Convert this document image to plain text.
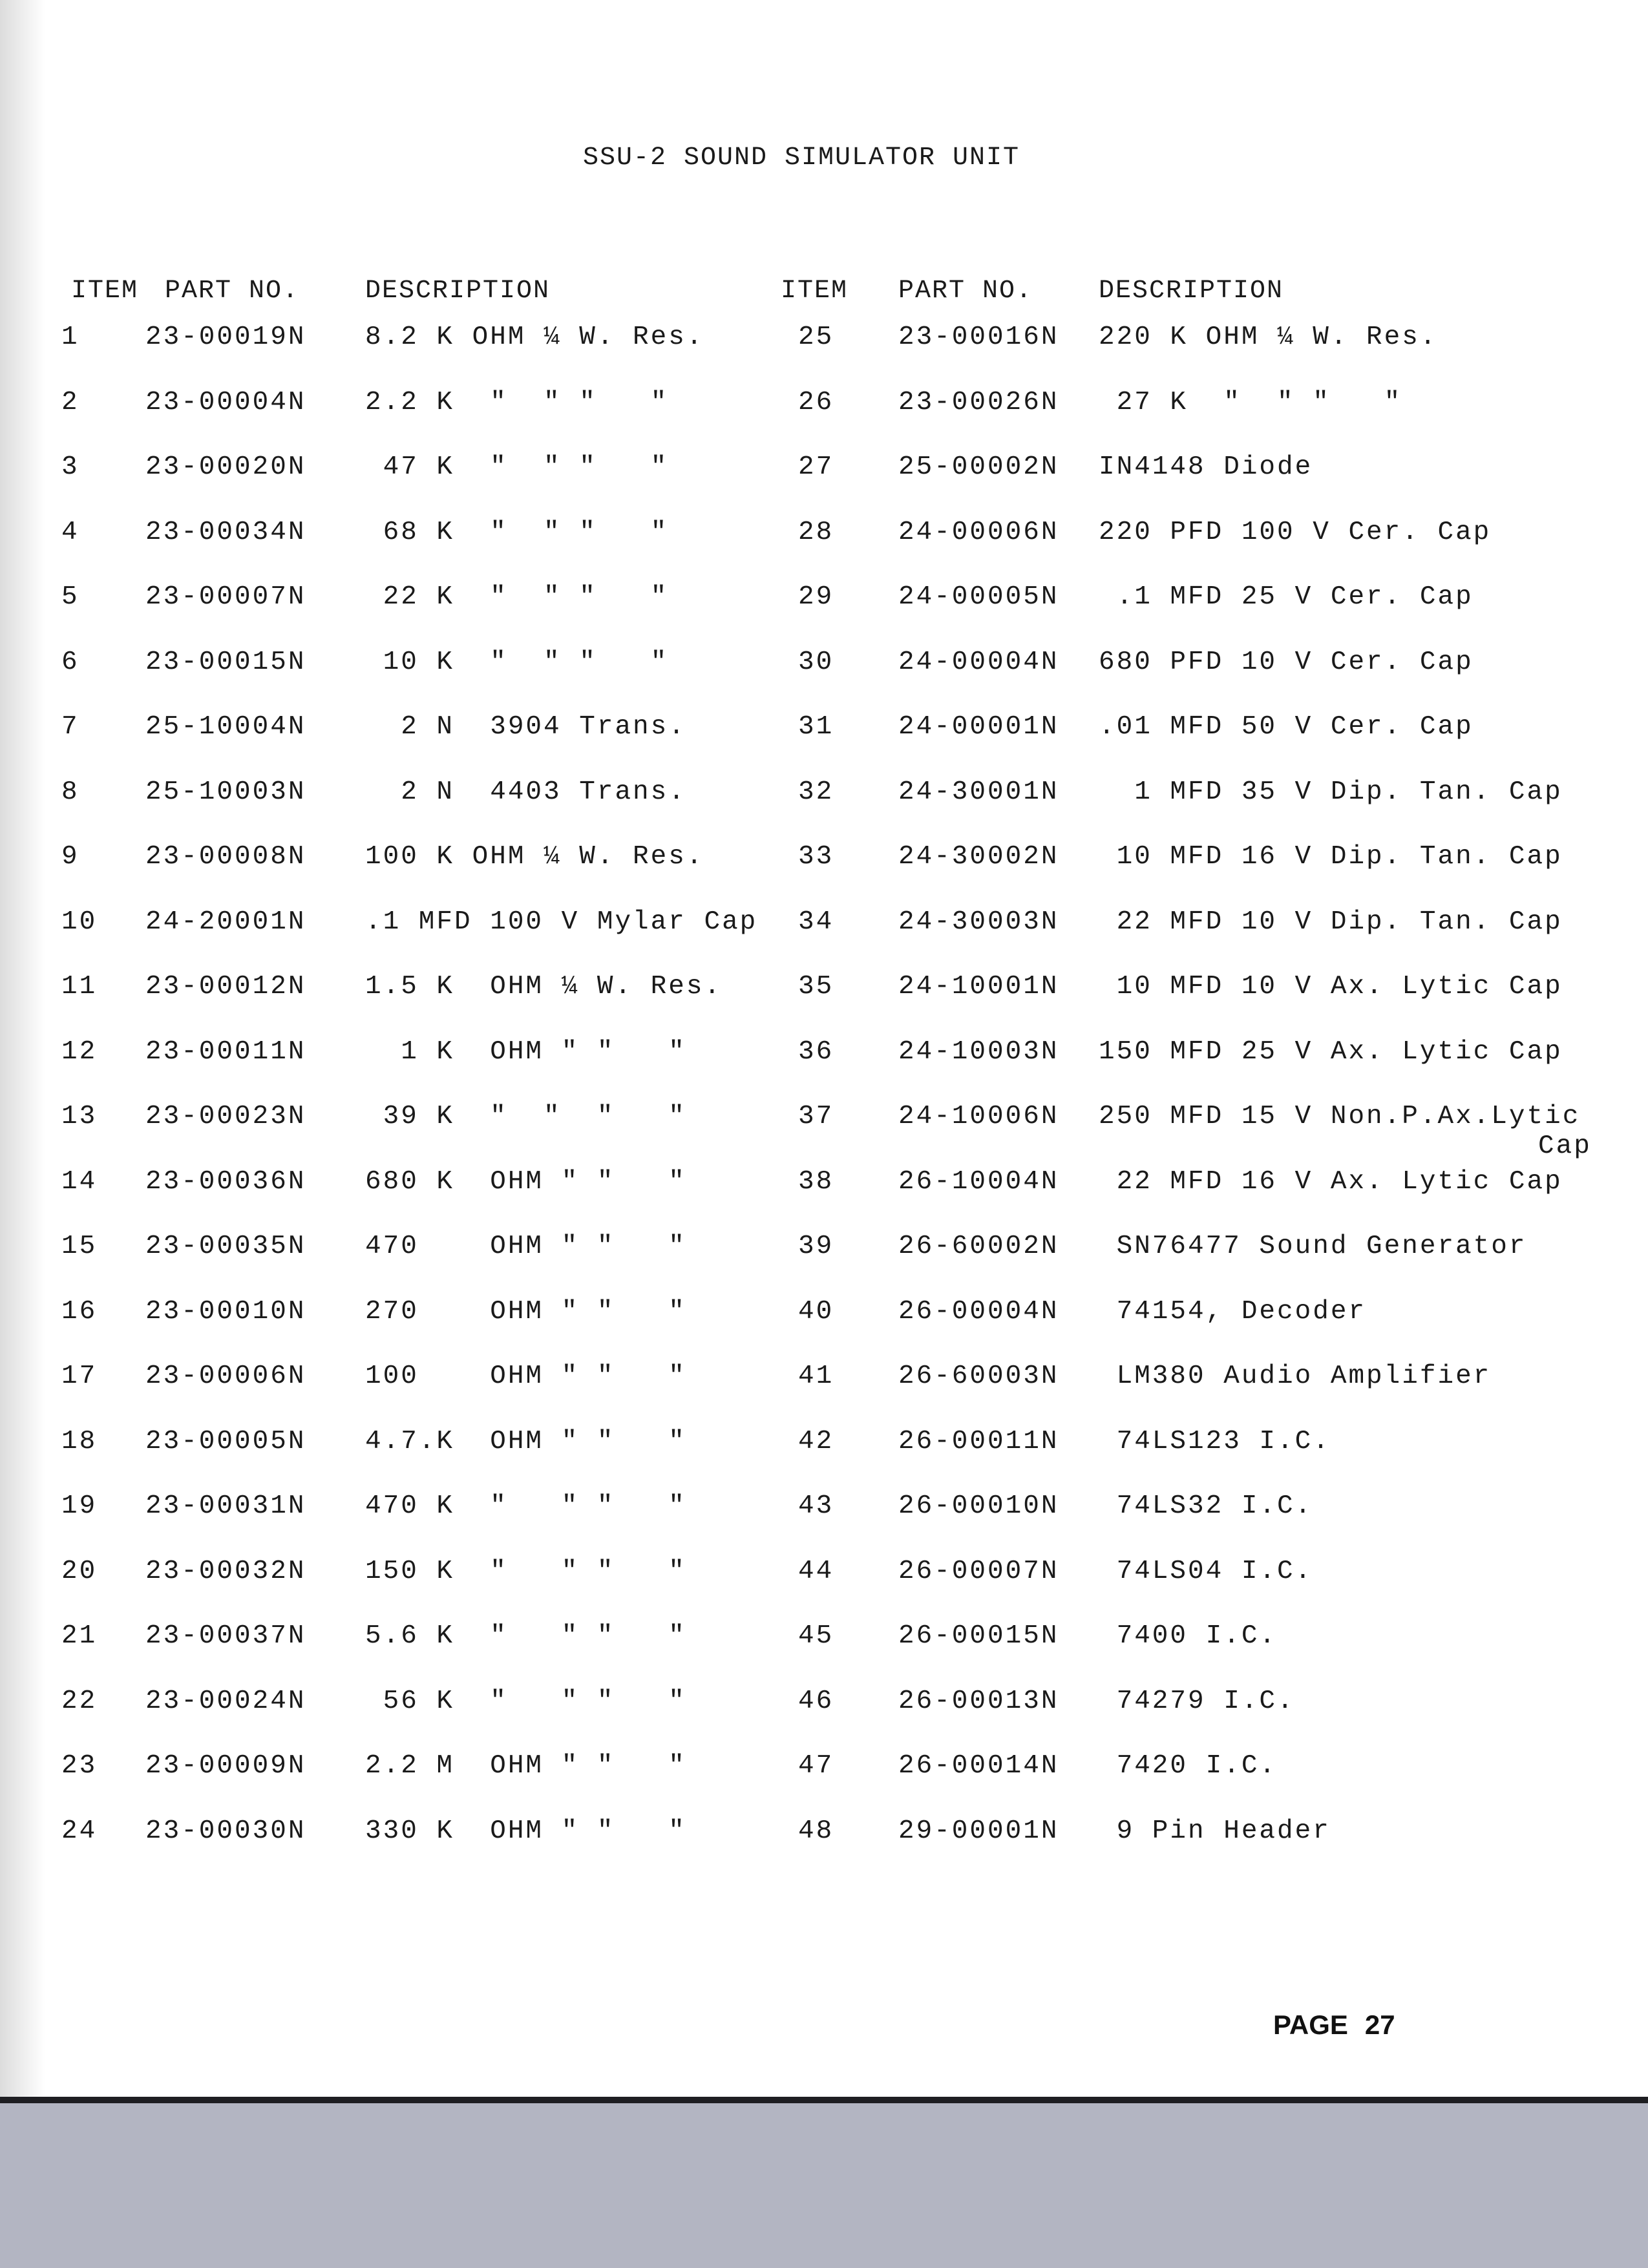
SSU-2 SOUND SIMULATOR UNIT
ITEM PART NO.	DESCRIPTION	ITEM PART NO.	DESCRIPTION
1 23-00019N 8.2 K OHM ¼ W. Res.	25 23-00016N 220 K OHM ¼ W. Res.
2 23-00004N 2.2 K  "  " "   "	26 23-00026N 27 K  "  " "   "
3 23-00020N 47 K  "  " "   "	27 25-00002N IN4148 Diode
4 23-00034N 68 K  "  " "   "	28 24-00006N 220 PFD 100 V Cer. Cap
5 23-00007N 22 K  "  " "   "	29 24-00005N .1 MFD 25 V Cer. Cap
6 23-00015N 10 K  "  " "   "	30 24-00004N 680 PFD 10 V Cer. Cap
7 25-10004N 2 N  3904 Trans.	31 24-00001N .01 MFD 50 V Cer. Cap
8 25-10003N 2 N  4403 Trans.	32 24-30001N 1 MFD 35 V Dip. Tan. Cap
9 23-00008N 100 K OHM ¼ W. Res.	33 24-30002N 10 MFD 16 V Dip. Tan. Cap
10 24-20001N .1 MFD 100 V Mylar Cap 34 24-30003N 22 MFD 10 V Dip. Tan. Cap
11 23-00012N 1.5 K  OHM ¼ W. Res.	35 24-10001N 10 MFD 10 V Ax. Lytic Cap
12 23-00011N 1 K  OHM " "   "	36 24-10003N 150 MFD 25 V Ax. Lytic Cap
13 23-00023N 39 K  "  "  "   "	37 24-10006N 250 MFD 15 V Non.P.Ax.Lytic
Cap
14 23-00036N 680 K  OHM " "   "	38 26-10004N 22 MFD 16 V Ax. Lytic Cap
15 23-00035N 470    OHM " "   "	39 26-60002N SN76477 Sound Generator
16 23-00010N 270    OHM " "   "	40 26-00004N 74154, Decoder
17 23-00006N 100    OHM " "   "	41 26-60003N LM380 Audio Amplifier
18 23-00005N 4.7.K  OHM " "   "	42 26-00011N 74LS123 I.C.
19 23-00031N 470 K  "   " "   "	43 26-00010N 74LS32 I.C.
20 23-00032N 150 K  "   " "   "	44 26-00007N 74LS04 I.C.
21 23-00037N 5.6 K  "   " "   "	45 26-00015N 7400 I.C.
22 23-00024N 56 K  "   " "   "	46 26-00013N 74279 I.C.
23 23-00009N 2.2 M  OHM " "   "	47 26-00014N 7420 I.C.
24 23-00030N 330 K  OHM " "   "	48 29-00001N 9 Pin Header
PAGE 27
